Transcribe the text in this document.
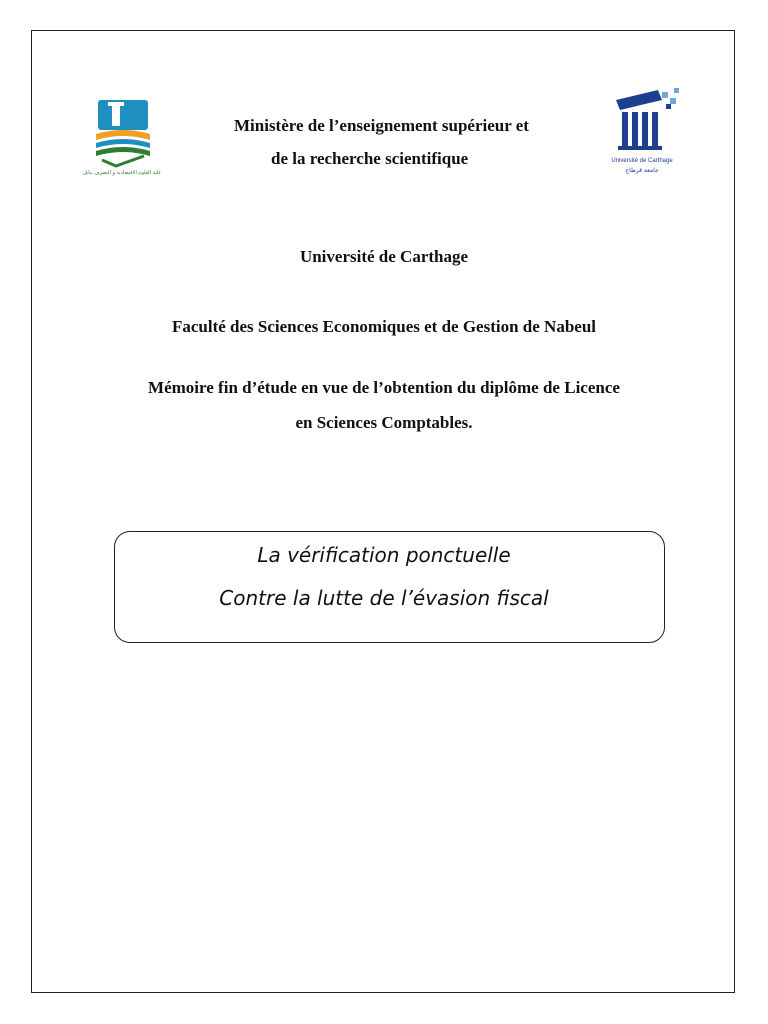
كلية العلوم الاقتصادية و التصرف بنابل
Université de Carthage
جامعة قرطاج
Ministère de l’enseignement supérieur et
de la recherche scientifique
Université de Carthage
Faculté des Sciences Economiques et de Gestion de Nabeul
Mémoire fin d’étude en vue de l’obtention du diplôme de Licence
en Sciences Comptables.
La vérification ponctuelle
Contre la lutte de l’évasion fiscal
